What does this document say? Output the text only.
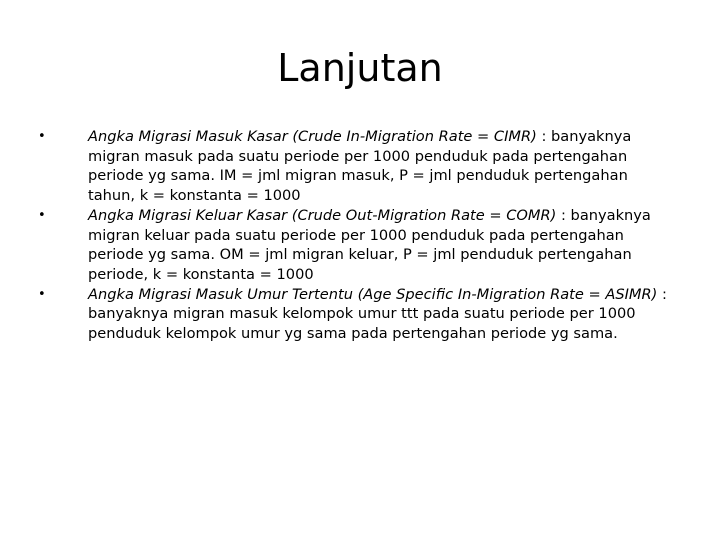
Lanjutan
•	Angka Migrasi Masuk Kasar (Crude In-Migration Rate = CIMR) : banyaknya migran masuk pada suatu periode per 1000 penduduk pada pertengahan periode yg sama. IM = jml migran masuk, P = jml penduduk pertengahan tahun, k = konstanta = 1000
•	Angka Migrasi Keluar Kasar (Crude Out-Migration Rate = COMR) : banyaknya migran keluar pada suatu periode per 1000 penduduk pada pertengahan periode yg sama. OM = jml migran keluar, P = jml penduduk pertengahan periode, k = konstanta = 1000
•	Angka Migrasi Masuk Umur Tertentu (Age Specific In-Migration Rate = ASIMR) : banyaknya migran masuk kelompok umur ttt pada suatu periode per 1000 penduduk kelompok umur yg sama pada pertengahan periode yg sama.
